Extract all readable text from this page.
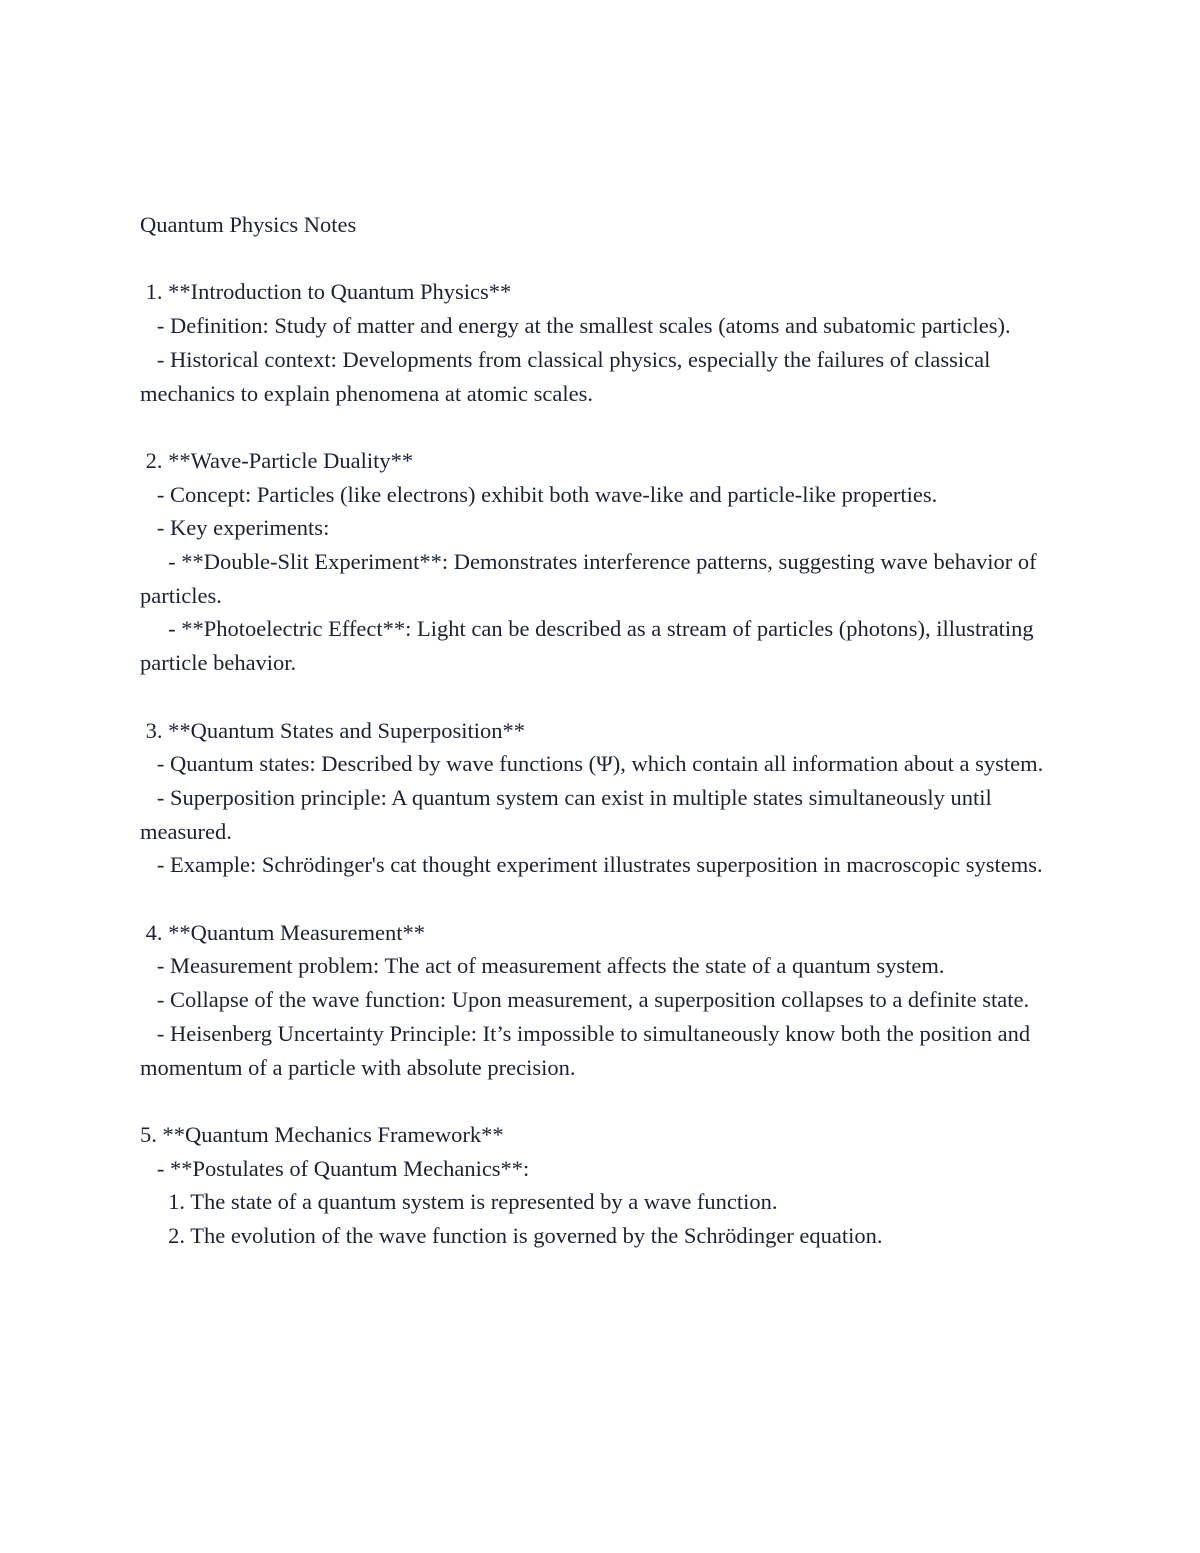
Quantum Physics Notes
1. **Introduction to Quantum Physics**
- Definition: Study of matter and energy at the smallest scales (atoms and subatomic particles).
- Historical context: Developments from classical physics, especially the failures of classical mechanics to explain phenomena at atomic scales.
2. **Wave-Particle Duality**
- Concept: Particles (like electrons) exhibit both wave-like and particle-like properties.
- Key experiments:
- **Double-Slit Experiment**: Demonstrates interference patterns, suggesting wave behavior of particles.
- **Photoelectric Effect**: Light can be described as a stream of particles (photons), illustrating particle behavior.
3. **Quantum States and Superposition**
- Quantum states: Described by wave functions (Ψ), which contain all information about a system.
- Superposition principle: A quantum system can exist in multiple states simultaneously until measured.
- Example: Schrödinger's cat thought experiment illustrates superposition in macroscopic systems.
4. **Quantum Measurement**
- Measurement problem: The act of measurement affects the state of a quantum system.
- Collapse of the wave function: Upon measurement, a superposition collapses to a definite state.
- Heisenberg Uncertainty Principle: It’s impossible to simultaneously know both the position and momentum of a particle with absolute precision.
5. **Quantum Mechanics Framework**
- **Postulates of Quantum Mechanics**:
1. The state of a quantum system is represented by a wave function.
2. The evolution of the wave function is governed by the Schrödinger equation.
